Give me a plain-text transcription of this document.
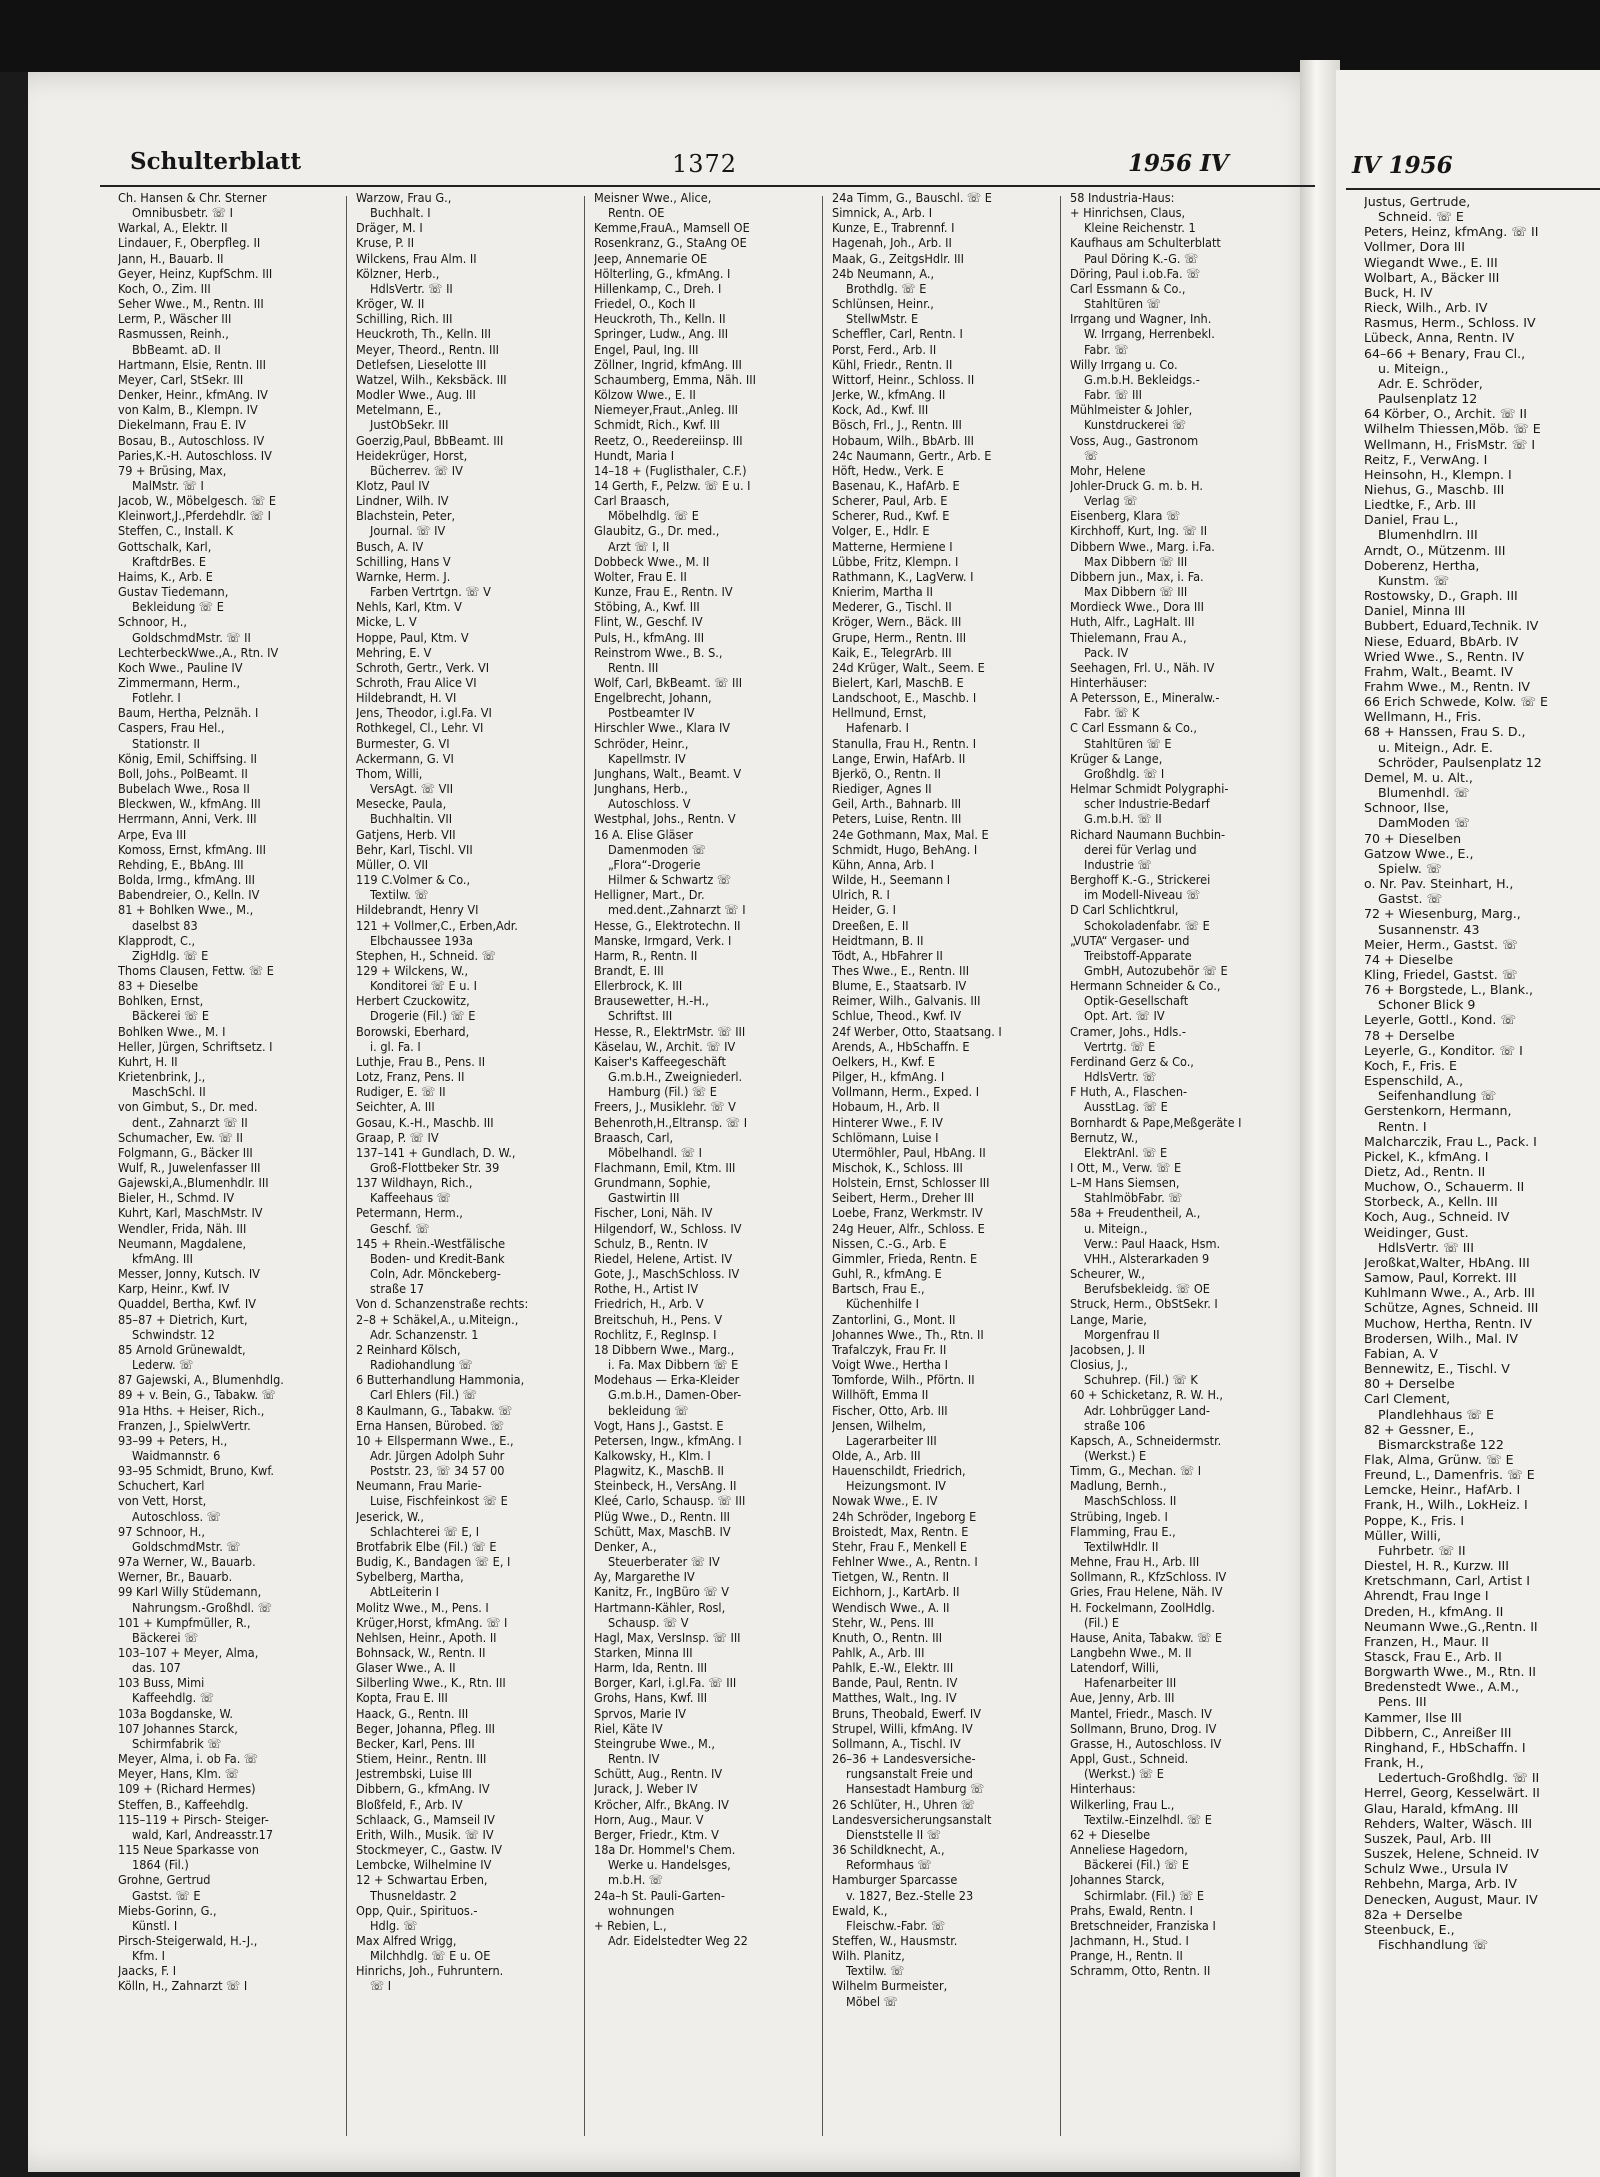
Schulterblatt	1372	1956 IV
Ch. Hansen & Chr. Sterner
Omnibusbetr. ☏ I
Warkal, A., Elektr. II
Lindauer, F., Oberpfleg. II
Jann, H., Bauarb. II
Geyer, Heinz, KupfSchm. III
Koch, O., Zim. III
Seher Wwe., M., Rentn. III
Lerm, P., Wäscher III
Rasmussen, Reinh.,
BbBeamt. aD. II
Hartmann, Elsie, Rentn. III
Meyer, Carl, StSekr. III
Denker, Heinr., kfmAng. IV
von Kalm, B., Klempn. IV
Diekelmann, Frau E. IV
Bosau, B., Autoschloss. IV
Paries,K.-H. Autoschloss. IV
79 + Brüsing, Max,
MalMstr. ☏ I
Jacob, W., Möbelgesch. ☏ E
Kleinwort,J.,Pferdehdlr. ☏ I
Steffen, C., Install. K
Gottschalk, Karl,
KraftdrBes. E
Haims, K., Arb. E
Gustav Tiedemann,
Bekleidung ☏ E
Schnoor, H.,
GoldschmdMstr. ☏ II
LechterbeckWwe.,A., Rtn. IV
Koch Wwe., Pauline IV
Zimmermann, Herm.,
Fotlehr. I
Baum, Hertha, Pelznäh. I
Caspers, Frau Hel.,
Stationstr. II
König, Emil, Schiffsing. II
Boll, Johs., PolBeamt. II
Bubelach Wwe., Rosa II
Bleckwen, W., kfmAng. III
Herrmann, Anni, Verk. III
Arpe, Eva III
Komoss, Ernst, kfmAng. III
Rehding, E., BbAng. III
Bolda, Irmg., kfmAng. III
Babendreier, O., Kelln. IV
81 + Bohlken Wwe., M.,
daselbst 83
Klapprodt, C.,
ZigHdlg. ☏ E
Thoms Clausen, Fettw. ☏ E
83 + Dieselbe
Bohlken, Ernst,
Bäckerei ☏ E
Bohlken Wwe., M. I
Heller, Jürgen, Schriftsetz. I
Kuhrt, H. II
Krietenbrink, J.,
MaschSchl. II
von Gimbut, S., Dr. med.
dent., Zahnarzt ☏ II
Schumacher, Ew. ☏ II
Folgmann, G., Bäcker III
Wulf, R., Juwelenfasser III
Gajewski,A.,Blumenhdlr. III
Bieler, H., Schmd. IV
Kuhrt, Karl, MaschMstr. IV
Wendler, Frida, Näh. III
Neumann, Magdalene,
kfmAng. III
Messer, Jonny, Kutsch. IV
Karp, Heinr., Kwf. IV
Quaddel, Bertha, Kwf. IV
85–87 + Dietrich, Kurt,
Schwindstr. 12
85 Arnold Grünewaldt,
Lederw. ☏
87 Gajewski, A., Blumenhdlg.
89 + v. Bein, G., Tabakw. ☏
91a Hths. + Heiser, Rich.,
Franzen, J., SpielwVertr.
93–99 + Peters, H.,
Waidmannstr. 6
93–95 Schmidt, Bruno, Kwf.
Schuchert, Karl
von Vett, Horst,
Autoschloss. ☏
97 Schnoor, H.,
GoldschmdMstr. ☏
97a Werner, W., Bauarb.
Werner, Br., Bauarb.
99 Karl Willy Stüdemann,
Nahrungsm.-Großhdl. ☏
101 + Kumpfmüller, R.,
Bäckerei ☏
103–107 + Meyer, Alma,
das. 107
103 Buss, Mimi
Kaffeehdlg. ☏
103a Bogdanske, W.
107 Johannes Starck,
Schirmfabrik ☏
Meyer, Alma, i. ob Fa. ☏
Meyer, Hans, Klm. ☏
109 + (Richard Hermes)
Steffen, B., Kaffeehdlg.
115–119 + Pirsch- Steiger-
wald, Karl, Andreasstr.17
115 Neue Sparkasse von
1864 (Fil.)
Grohne, Gertrud
Gastst. ☏ E
Miebs-Gorinn, G.,
Künstl. I
Pirsch-Steigerwald, H.-J.,
Kfm. I
Jaacks, F. I
Kölln, H., Zahnarzt ☏ I
Warzow, Frau G.,
Buchhalt. I
Dräger, M. I
Kruse, P. II
Wilckens, Frau Alm. II
Kölzner, Herb.,
HdlsVertr. ☏ II
Kröger, W. II
Schilling, Rich. III
Heuckroth, Th., Kelln. III
Meyer, Theord., Rentn. III
Detlefsen, Lieselotte III
Watzel, Wilh., Keksbäck. III
Modler Wwe., Aug. III
Metelmann, E.,
JustObSekr. III
Goerzig,Paul, BbBeamt. III
Heidekrüger, Horst,
Bücherrev. ☏ IV
Klotz, Paul IV
Lindner, Wilh. IV
Blachstein, Peter,
Journal. ☏ IV
Busch, A. IV
Schilling, Hans V
Warnke, Herm. J.
Farben Vertrtgn. ☏ V
Nehls, Karl, Ktm. V
Micke, L. V
Hoppe, Paul, Ktm. V
Mehring, E. V
Schroth, Gertr., Verk. VI
Schroth, Frau Alice VI
Hildebrandt, H. VI
Jens, Theodor, i.gl.Fa. VI
Rothkegel, Cl., Lehr. VI
Burmester, G. VI
Ackermann, G. VI
Thom, Willi,
VersAgt. ☏ VII
Mesecke, Paula,
Buchhaltin. VII
Gatjens, Herb. VII
Behr, Karl, Tischl. VII
Müller, O. VII
119 C.Volmer & Co.,
Textilw. ☏
Hildebrandt, Henry VI
121 + Vollmer,C., Erben,Adr.
Elbchaussee 193a
Stephen, H., Schneid. ☏
129 + Wilckens, W.,
Konditorei ☏ E u. I
Herbert Czuckowitz,
Drogerie (Fil.) ☏ E
Borowski, Eberhard,
i. gl. Fa. I
Luthje, Frau B., Pens. II
Lotz, Franz, Pens. II
Rudiger, E. ☏ II
Seichter, A. III
Gosau, K.-H., Maschb. III
Graap, P. ☏ IV
137–141 + Gundlach, D. W.,
Groß-Flottbeker Str. 39
137 Wildhayn, Rich.,
Kaffeehaus ☏
Petermann, Herm.,
Geschf. ☏
145 + Rhein.-Westfälische
Boden- und Kredit-Bank
Coln, Adr. Mönckeberg-
straße 17
Von d. Schanzenstraße rechts:
2–8 + Schäkel,A., u.Miteign.,
Adr. Schanzenstr. 1
2 Reinhard Kölsch,
Radiohandlung ☏
6 Butterhandlung Hammonia,
Carl Ehlers (Fil.) ☏
8 Kaulmann, G., Tabakw. ☏
Erna Hansen, Bürobed. ☏
10 + Ellspermann Wwe., E.,
Adr. Jürgen Adolph Suhr
Poststr. 23, ☏ 34 57 00
Neumann, Frau Marie-
Luise, Fischfeinkost ☏ E
Jeserick, W.,
Schlachterei ☏ E, I
Brotfabrik Elbe (Fil.) ☏ E
Budig, K., Bandagen ☏ E, I
Sybelberg, Martha,
AbtLeiterin I
Molitz Wwe., M., Pens. I
Krüger,Horst, kfmAng. ☏ I
Nehlsen, Heinr., Apoth. II
Bohnsack, W., Rentn. II
Glaser Wwe., A. II
Silberling Wwe., K., Rtn. III
Kopta, Frau E. III
Haack, G., Rentn. III
Beger, Johanna, Pfleg. III
Becker, Karl, Pens. III
Stiem, Heinr., Rentn. III
Jestrembski, Luise III
Dibbern, G., kfmAng. IV
Bloßfeld, F., Arb. IV
Schlaack, G., Mamseil IV
Erith, Wilh., Musik. ☏ IV
Stockmeyer, C., Gastw. IV
Lembcke, Wilhelmine IV
12 + Schwartau Erben,
Thusneldastr. 2
Opp, Quir., Spirituos.-
Hdlg. ☏
Max Alfred Wrigg,
Milchhdlg. ☏ E u. OE
Hinrichs, Joh., Fuhruntern.
☏ I
Meisner Wwe., Alice,
Rentn. OE
Kemme,FrauA., Mamsell OE
Rosenkranz, G., StaAng OE
Jeep, Annemarie OE
Hölterling, G., kfmAng. I
Hillenkamp, C., Dreh. I
Friedel, O., Koch II
Heuckroth, Th., Kelln. II
Springer, Ludw., Ang. III
Engel, Paul, Ing. III
Zöllner, Ingrid, kfmAng. III
Schaumberg, Emma, Näh. III
Kölzow Wwe., E. II
Niemeyer,Fraut.,Anleg. III
Schmidt, Rich., Kwf. III
Reetz, O., Reedereiinsp. III
Hundt, Maria I
14–18 + (Fuglisthaler, C.F.)
14 Gerth, F., Pelzw. ☏ E u. I
Carl Braasch,
Möbelhdlg. ☏ E
Glaubitz, G., Dr. med.,
Arzt ☏ I, II
Dobbeck Wwe., M. II
Wolter, Frau E. II
Kunze, Frau E., Rentn. IV
Stöbing, A., Kwf. III
Flint, W., Geschf. IV
Puls, H., kfmAng. III
Reinstrom Wwe., B. S.,
Rentn. III
Wolf, Carl, BkBeamt. ☏ III
Engelbrecht, Johann,
Postbeamter IV
Hirschler Wwe., Klara IV
Schröder, Heinr.,
Kapellmstr. IV
Junghans, Walt., Beamt. V
Junghans, Herb.,
Autoschloss. V
Westphal, Johs., Rentn. V
16 A. Elise Gläser
Damenmoden ☏
„Flora“-Drogerie
Hilmer & Schwartz ☏
Helligner, Mart., Dr.
med.dent.,Zahnarzt ☏ I
Hesse, G., Elektrotechn. II
Manske, Irmgard, Verk. I
Harm, R., Rentn. II
Brandt, E. III
Ellerbrock, K. III
Brausewetter, H.-H.,
Schriftst. III
Hesse, R., ElektrMstr. ☏ III
Käselau, W., Archit. ☏ IV
Kaiser's Kaffeegeschäft
G.m.b.H., Zweigniederl.
Hamburg (Fil.) ☏ E
Freers, J., Musiklehr. ☏ V
Behenroth,H.,Eltransp. ☏ I
Braasch, Carl,
Möbelhandl. ☏ I
Flachmann, Emil, Ktm. III
Grundmann, Sophie,
Gastwirtin III
Fischer, Loni, Näh. IV
Hilgendorf, W., Schloss. IV
Schulz, B., Rentn. IV
Riedel, Helene, Artist. IV
Gote, J., MaschSchloss. IV
Rothe, H., Artist IV
Friedrich, H., Arb. V
Breitschuh, H., Pens. V
Rochlitz, F., RegInsp. I
18 Dibbern Wwe., Marg.,
i. Fa. Max Dibbern ☏ E
Modehaus — Erka-Kleider
G.m.b.H., Damen-Ober-
bekleidung ☏
Vogt, Hans J., Gastst. E
Petersen, Ingw., kfmAng. I
Kalkowsky, H., Klm. I
Plagwitz, K., MaschB. II
Steinbeck, H., VersAng. II
Kleé, Carlo, Schausp. ☏ III
Plüg Wwe., D., Rentn. III
Schütt, Max, MaschB. IV
Denker, A.,
Steuerberater ☏ IV
Ay, Margarethe IV
Kanitz, Fr., IngBüro ☏ V
Hartmann-Kähler, Rosl,
Schausp. ☏ V
Hagl, Max, VersInsp. ☏ III
Starken, Minna III
Harm, Ida, Rentn. III
Borger, Karl, i.gl.Fa. ☏ III
Grohs, Hans, Kwf. III
Sprvos, Marie IV
Riel, Käte IV
Steingrube Wwe., M.,
Rentn. IV
Schütt, Aug., Rentn. IV
Jurack, J. Weber IV
Kröcher, Alfr., BkAng. IV
Horn, Aug., Maur. V
Berger, Friedr., Ktm. V
18a Dr. Hommel's Chem.
Werke u. Handelsges,
m.b.H. ☏
24a–h St. Pauli-Garten-
wohnungen
+ Rebien, L.,
Adr. Eidelstedter Weg 22
24a Timm, G., Bauschl. ☏ E
Simnick, A., Arb. I
Kunze, E., Trabrennf. I
Hagenah, Joh., Arb. II
Maak, G., ZeitgsHdlr. III
24b Neumann, A.,
Brothdlg. ☏ E
Schlünsen, Heinr.,
StellwMstr. E
Scheffler, Carl, Rentn. I
Porst, Ferd., Arb. II
Kühl, Friedr., Rentn. II
Wittorf, Heinr., Schloss. II
Jerke, W., kfmAng. II
Kock, Ad., Kwf. III
Bösch, Frl., J., Rentn. III
Hobaum, Wilh., BbArb. III
24c Naumann, Gertr., Arb. E
Höft, Hedw., Verk. E
Basenau, K., HafArb. E
Scherer, Paul, Arb. E
Scherer, Rud., Kwf. E
Volger, E., Hdlr. E
Matterne, Hermiene I
Lübbe, Fritz, Klempn. I
Rathmann, K., LagVerw. I
Knierim, Martha II
Mederer, G., Tischl. II
Kröger, Wern., Bäck. III
Grupe, Herm., Rentn. III
Kaik, E., TelegrArb. III
24d Krüger, Walt., Seem. E
Bielert, Karl, MaschB. E
Landschoot, E., Maschb. I
Hellmund, Ernst,
Hafenarb. I
Stanulla, Frau H., Rentn. I
Lange, Erwin, HafArb. II
Bjerkö, O., Rentn. II
Riediger, Agnes II
Geil, Arth., Bahnarb. III
Peters, Luise, Rentn. III
24e Gothmann, Max, Mal. E
Schmidt, Hugo, BehAng. I
Kühn, Anna, Arb. I
Wilde, H., Seemann I
Ulrich, R. I
Heider, G. I
Dreeßen, E. II
Heidtmann, B. II
Tödt, A., HbFahrer II
Thes Wwe., E., Rentn. III
Blume, E., Staatsarb. IV
Reimer, Wilh., Galvanis. III
Schlue, Theod., Kwf. IV
24f Werber, Otto, Staatsang. I
Arends, A., HbSchaffn. E
Oelkers, H., Kwf. E
Pilger, H., kfmAng. I
Vollmann, Herm., Exped. I
Hobaum, H., Arb. II
Hinterer Wwe., F. IV
Schlömann, Luise I
Utermöhler, Paul, HbAng. II
Mischok, K., Schloss. III
Holstein, Ernst, Schlosser III
Seibert, Herm., Dreher III
Loebe, Franz, Werkmstr. IV
24g Heuer, Alfr., Schloss. E
Nissen, C.-G., Arb. E
Gimmler, Frieda, Rentn. E
Guhl, R., kfmAng. E
Bartsch, Frau E.,
Küchenhilfe I
Zantorlini, G., Mont. II
Johannes Wwe., Th., Rtn. II
Trafalczyk, Frau Fr. II
Voigt Wwe., Hertha I
Tomforde, Wilh., Pförtn. II
Willhöft, Emma II
Fischer, Otto, Arb. III
Jensen, Wilhelm,
Lagerarbeiter III
Olde, A., Arb. III
Hauenschildt, Friedrich,
Heizungsmont. IV
Nowak Wwe., E. IV
24h Schröder, Ingeborg E
Broistedt, Max, Rentn. E
Stehr, Frau F., Menkell E
Fehlner Wwe., A., Rentn. I
Tietgen, W., Rentn. II
Eichhorn, J., KartArb. II
Wendisch Wwe., A. II
Stehr, W., Pens. III
Knuth, O., Rentn. III
Pahlk, A., Arb. III
Pahlk, E.-W., Elektr. III
Bande, Paul, Rentn. IV
Matthes, Walt., Ing. IV
Bruns, Theobald, Ewerf. IV
Strupel, Willi, kfmAng. IV
Sollmann, A., Tischl. IV
26–36 + Landesversiche-
rungsanstalt Freie und
Hansestadt Hamburg ☏
26 Schlüter, H., Uhren ☏
Landesversicherungsanstalt
Dienststelle II ☏
36 Schildknecht, A.,
Reformhaus ☏
Hamburger Sparcasse
v. 1827, Bez.-Stelle 23
Ewald, K.,
Fleischw.-Fabr. ☏
Steffen, W., Hausmstr.
Wilh. Planitz,
Textilw. ☏
Wilhelm Burmeister,
Möbel ☏
58 Industria-Haus:
+ Hinrichsen, Claus,
Kleine Reichenstr. 1
Kaufhaus am Schulterblatt
Paul Döring K.-G. ☏
Döring, Paul i.ob.Fa. ☏
Carl Essmann & Co.,
Stahltüren ☏
Irrgang und Wagner, Inh.
W. Irrgang, Herrenbekl.
Fabr. ☏
Willy Irrgang u. Co.
G.m.b.H. Bekleidgs.-
Fabr. ☏ III
Mühlmeister & Johler,
Kunstdruckerei ☏
Voss, Aug., Gastronom
☏
Mohr, Helene
Johler-Druck G. m. b. H.
Verlag ☏
Eisenberg, Klara ☏
Kirchhoff, Kurt, Ing. ☏ II
Dibbern Wwe., Marg. i.Fa.
Max Dibbern ☏ III
Dibbern jun., Max, i. Fa.
Max Dibbern ☏ III
Mordieck Wwe., Dora III
Huth, Alfr., LagHalt. III
Thielemann, Frau A.,
Pack. IV
Seehagen, Frl. U., Näh. IV
Hinterhäuser:
A Petersson, E., Mineralw.-
Fabr. ☏ K
C Carl Essmann & Co.,
Stahltüren ☏ E
Krüger & Lange,
Großhdlg. ☏ I
Helmar Schmidt Polygraphi-
scher Industrie-Bedarf
G.m.b.H. ☏ II
Richard Naumann Buchbin-
derei für Verlag und
Industrie ☏
Berghoff K.-G., Strickerei
im Modell-Niveau ☏
D Carl Schlichtkrul,
Schokoladenfabr. ☏ E
„VUTA“ Vergaser- und
Treibstoff-Apparate
GmbH, Autozubehör ☏ E
Hermann Schneider & Co.,
Optik-Gesellschaft
Opt. Art. ☏ IV
Cramer, Johs., Hdls.-
Vertrtg. ☏ E
Ferdinand Gerz & Co.,
HdlsVertr. ☏
F Huth, A., Flaschen-
AusstLag. ☏ E
Bornhardt & Pape,Meßgeräte I
Bernutz, W.,
ElektrAnl. ☏ E
I Ott, M., Verw. ☏ E
L–M Hans Siemsen,
StahlmöbFabr. ☏
58a + Freudentheil, A.,
u. Miteign.,
Verw.: Paul Haack, Hsm.
VHH., Alsterarkaden 9
Scheurer, W.,
Berufsbekleidg. ☏ OE
Struck, Herm., ObStSekr. I
Lange, Marie,
Morgenfrau II
Jacobsen, J. II
Closius, J.,
Schuhrep. (Fil.) ☏ K
60 + Schicketanz, R. W. H.,
Adr. Lohbrügger Land-
straße 106
Kapsch, A., Schneidermstr.
(Werkst.) E
Timm, G., Mechan. ☏ I
Madlung, Bernh.,
MaschSchloss. II
Strübing, Ingeb. I
Flamming, Frau E.,
TextilwHdlr. II
Mehne, Frau H., Arb. III
Sollmann, R., KfzSchloss. IV
Gries, Frau Helene, Näh. IV
H. Fockelmann, ZoolHdlg.
(Fil.) E
Hause, Anita, Tabakw. ☏ E
Langbehn Wwe., M. II
Latendorf, Willi,
Hafenarbeiter III
Aue, Jenny, Arb. III
Mantel, Friedr., Masch. IV
Sollmann, Bruno, Drog. IV
Grasse, H., Autoschloss. IV
Appl, Gust., Schneid.
(Werkst.) ☏ E
Hinterhaus:
Wilkerling, Frau L.,
Textilw.-Einzelhdl. ☏ E
62 + Dieselbe
Anneliese Hagedorn,
Bäckerei (Fil.) ☏ E
Johannes Starck,
Schirmlabr. (Fil.) ☏ E
Prahs, Ewald, Rentn. I
Bretschneider, Franziska I
Jachmann, H., Stud. I
Prange, H., Rentn. II
Schramm, Otto, Rentn. II
IV 1956
Justus, Gertrude,
Schneid. ☏ E
Peters, Heinz, kfmAng. ☏ II
Vollmer, Dora III
Wiegandt Wwe., E. III
Wolbart, A., Bäcker III
Buck, H. IV
Rieck, Wilh., Arb. IV
Rasmus, Herm., Schloss. IV
Lübeck, Anna, Rentn. IV
64–66 + Benary, Frau Cl.,
u. Miteign.,
Adr. E. Schröder,
Paulsenplatz 12
64 Körber, O., Archit. ☏ II
Wilhelm Thiessen,Möb. ☏ E
Wellmann, H., FrisMstr. ☏ I
Reitz, F., VerwAng. I
Heinsohn, H., Klempn. I
Niehus, G., Maschb. III
Liedtke, F., Arb. III
Daniel, Frau L.,
Blumenhdlrn. III
Arndt, O., Mützenm. III
Doberenz, Hertha,
Kunstm. ☏
Rostowsky, D., Graph. III
Daniel, Minna III
Bubbert, Eduard,Technik. IV
Niese, Eduard, BbArb. IV
Wried Wwe., S., Rentn. IV
Frahm, Walt., Beamt. IV
Frahm Wwe., M., Rentn. IV
66 Erich Schwede, Kolw. ☏ E
Wellmann, H., Fris.
68 + Hanssen, Frau S. D.,
u. Miteign., Adr. E.
Schröder, Paulsenplatz 12
Demel, M. u. Alt.,
Blumenhdl. ☏
Schnoor, Ilse,
DamModen ☏
70 + Dieselben
Gatzow Wwe., E.,
Spielw. ☏
o. Nr. Pav. Steinhart, H.,
Gastst. ☏
72 + Wiesenburg, Marg.,
Susannenstr. 43
Meier, Herm., Gastst. ☏
74 + Dieselbe
Kling, Friedel, Gastst. ☏
76 + Borgstede, L., Blank.,
Schoner Blick 9
Leyerle, Gottl., Kond. ☏
78 + Derselbe
Leyerle, G., Konditor. ☏ I
Koch, F., Fris. E
Espenschild, A.,
Seifenhandlung ☏
Gerstenkorn, Hermann,
Rentn. I
Malcharczik, Frau L., Pack. I
Pickel, K., kfmAng. I
Dietz, Ad., Rentn. II
Muchow, O., Schauerm. II
Storbeck, A., Kelln. III
Koch, Aug., Schneid. IV
Weidinger, Gust.
HdlsVertr. ☏ III
Jeroßkat,Walter, HbAng. III
Samow, Paul, Korrekt. III
Kuhlmann Wwe., A., Arb. III
Schütze, Agnes, Schneid. III
Muchow, Hertha, Rentn. IV
Brodersen, Wilh., Mal. IV
Fabian, A. V
Bennewitz, E., Tischl. V
80 + Derselbe
Carl Clement,
Plandlehhaus ☏ E
82 + Gessner, E.,
Bismarckstraße 122
Flak, Alma, Grünw. ☏ E
Freund, L., Damenfris. ☏ E
Lemcke, Heinr., HafArb. I
Frank, H., Wilh., LokHeiz. I
Poppe, K., Fris. I
Müller, Willi,
Fuhrbetr. ☏ II
Diestel, H. R., Kurzw. III
Kretschmann, Carl, Artist I
Ahrendt, Frau Inge I
Dreden, H., kfmAng. II
Neumann Wwe.,G.,Rentn. II
Franzen, H., Maur. II
Stasck, Frau E., Arb. II
Borgwarth Wwe., M., Rtn. II
Bredenstedt Wwe., A.M.,
Pens. III
Kammer, Ilse III
Dibbern, C., Anreißer III
Ringhand, F., HbSchaffn. I
Frank, H.,
Ledertuch-Großhdlg. ☏ II
Herrel, Georg, Kesselwärt. II
Glau, Harald, kfmAng. III
Rehders, Walter, Wäsch. III
Suszek, Paul, Arb. III
Suszek, Helene, Schneid. IV
Schulz Wwe., Ursula IV
Rehbehn, Marga, Arb. IV
Denecken, August, Maur. IV
82a + Derselbe
Steenbuck, E.,
Fischhandlung ☏
